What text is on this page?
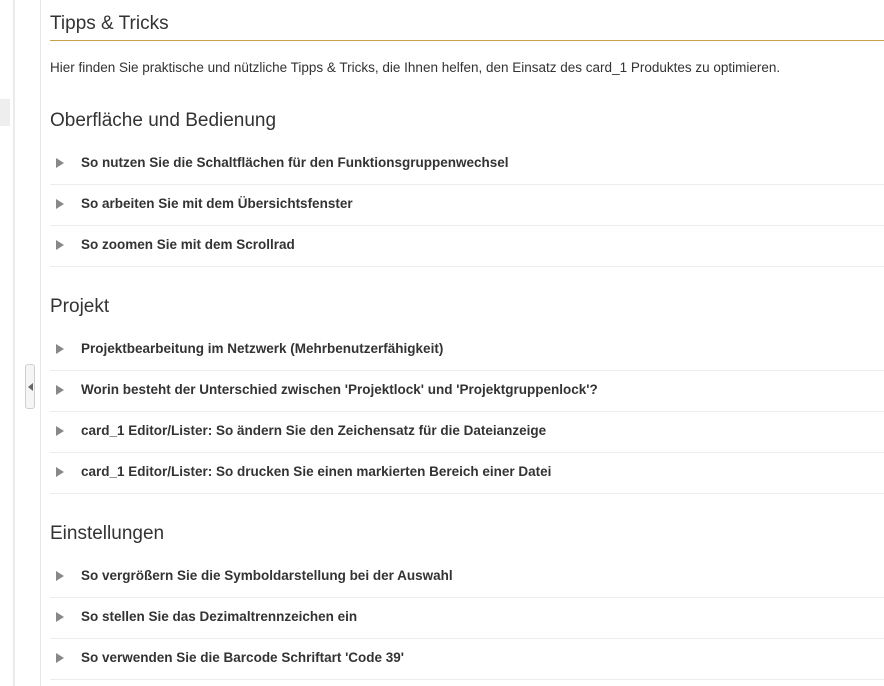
Tipps & Tricks
Hier finden Sie praktische und nützliche Tipps & Tricks, die Ihnen helfen, den Einsatz des card_1 Produktes zu optimieren.
Oberfläche und Bedienung
So nutzen Sie die Schaltflächen für den Funktionsgruppenwechsel
So arbeiten Sie mit dem Übersichtsfenster
So zoomen Sie mit dem Scrollrad
Projekt
Projektbearbeitung im Netzwerk (Mehrbenutzerfähigkeit)
Worin besteht der Unterschied zwischen 'Projektlock' und 'Projektgruppenlock'?
card_1 Editor/Lister: So ändern Sie den Zeichensatz für die Dateianzeige
card_1 Editor/Lister: So drucken Sie einen markierten Bereich einer Datei
Einstellungen
So vergrößern Sie die Symboldarstellung bei der Auswahl
So stellen Sie das Dezimaltrennzeichen ein
So verwenden Sie die Barcode Schriftart 'Code 39'
